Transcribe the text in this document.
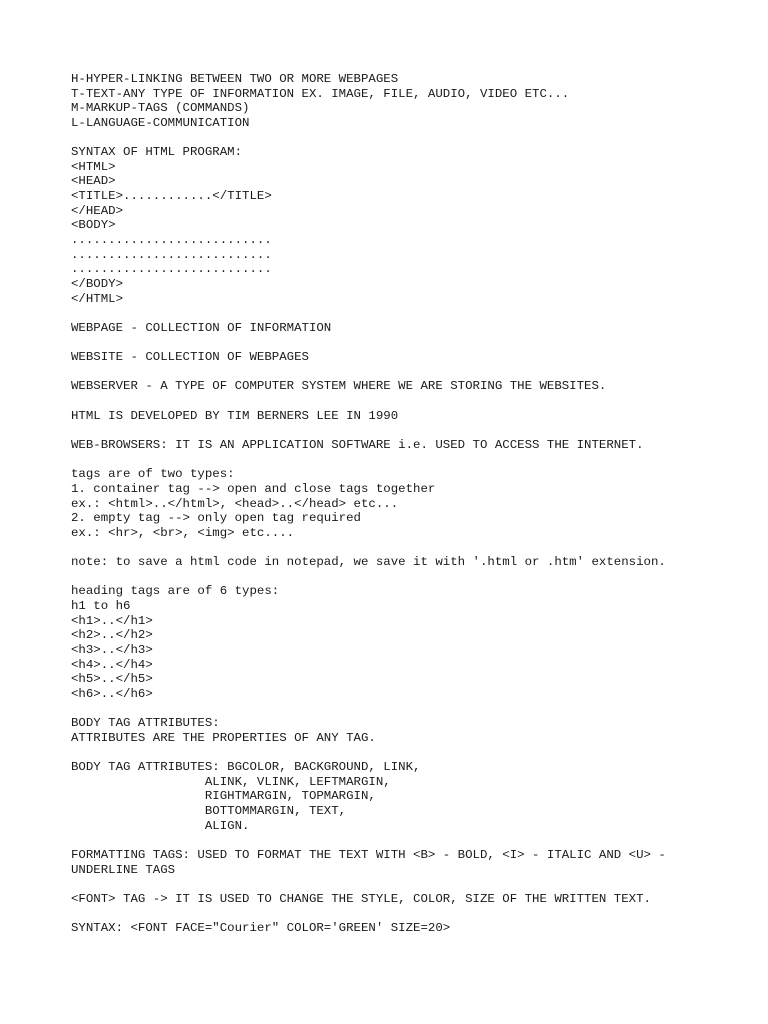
H-HYPER-LINKING BETWEEN TWO OR MORE WEBPAGES
T-TEXT-ANY TYPE OF INFORMATION EX. IMAGE, FILE, AUDIO, VIDEO ETC...
M-MARKUP-TAGS (COMMANDS)
L-LANGUAGE-COMMUNICATION
SYNTAX OF HTML PROGRAM:
<HTML>
<HEAD>
<TITLE>............</TITLE>
</HEAD>
<BODY>
...........................
...........................
...........................
</BODY>
</HTML>
WEBPAGE - COLLECTION OF INFORMATION
WEBSITE - COLLECTION OF WEBPAGES
WEBSERVER - A TYPE OF COMPUTER SYSTEM WHERE WE ARE STORING THE WEBSITES.
HTML IS DEVELOPED BY TIM BERNERS LEE IN 1990
WEB-BROWSERS: IT IS AN APPLICATION SOFTWARE i.e. USED TO ACCESS THE INTERNET.
tags are of two types:
1. container tag --> open and close tags together
ex.: <html>..</html>, <head>..</head> etc...
2. empty tag --> only open tag required
ex.: <hr>, <br>, <img> etc....
note: to save a html code in notepad, we save it with '.html or .htm' extension.
heading tags are of 6 types:
h1 to h6
<h1>..</h1>
<h2>..</h2>
<h3>..</h3>
<h4>..</h4>
<h5>..</h5>
<h6>..</h6>
BODY TAG ATTRIBUTES:
ATTRIBUTES ARE THE PROPERTIES OF ANY TAG.
BODY TAG ATTRIBUTES: BGCOLOR, BACKGROUND, LINK,
ALINK, VLINK, LEFTMARGIN,
RIGHTMARGIN, TOPMARGIN,
BOTTOMMARGIN, TEXT,
ALIGN.
FORMATTING TAGS: USED TO FORMAT THE TEXT WITH <B> - BOLD, <I> - ITALIC AND <U> -
UNDERLINE TAGS
<FONT> TAG -> IT IS USED TO CHANGE THE STYLE, COLOR, SIZE OF THE WRITTEN TEXT.
SYNTAX: <FONT FACE="Courier" COLOR='GREEN' SIZE=20>
